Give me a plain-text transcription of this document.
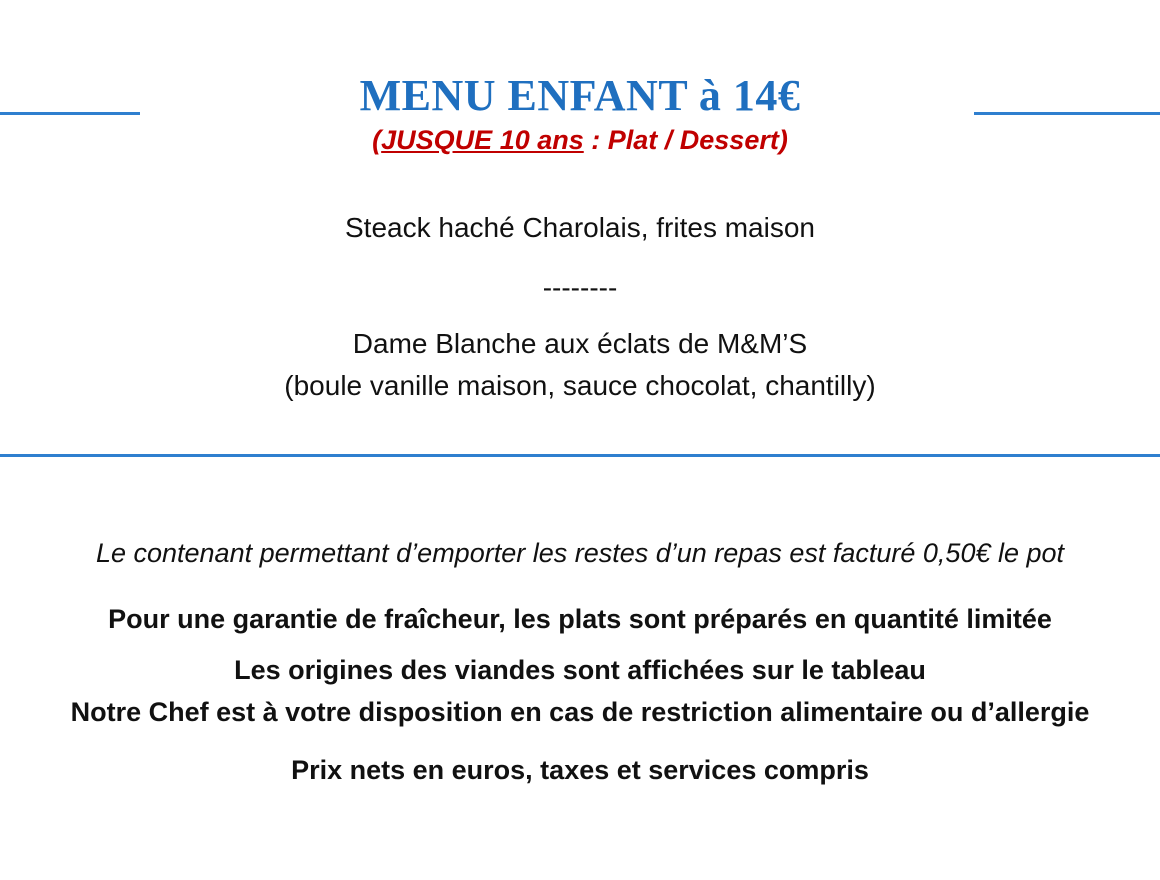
MENU ENFANT à 14€
(JUSQUE 10 ans : Plat / Dessert)
Steack haché Charolais, frites maison
--------
Dame Blanche aux éclats de M&M’S
(boule vanille maison, sauce chocolat, chantilly)
Le contenant permettant d’emporter les restes d’un repas est facturé 0,50€ le pot
Pour une garantie de fraîcheur, les plats sont préparés en quantité limitée
Les origines des viandes sont affichées sur le tableau
Notre Chef est à votre disposition en cas de restriction alimentaire ou d’allergie
Prix nets en euros, taxes et services compris
